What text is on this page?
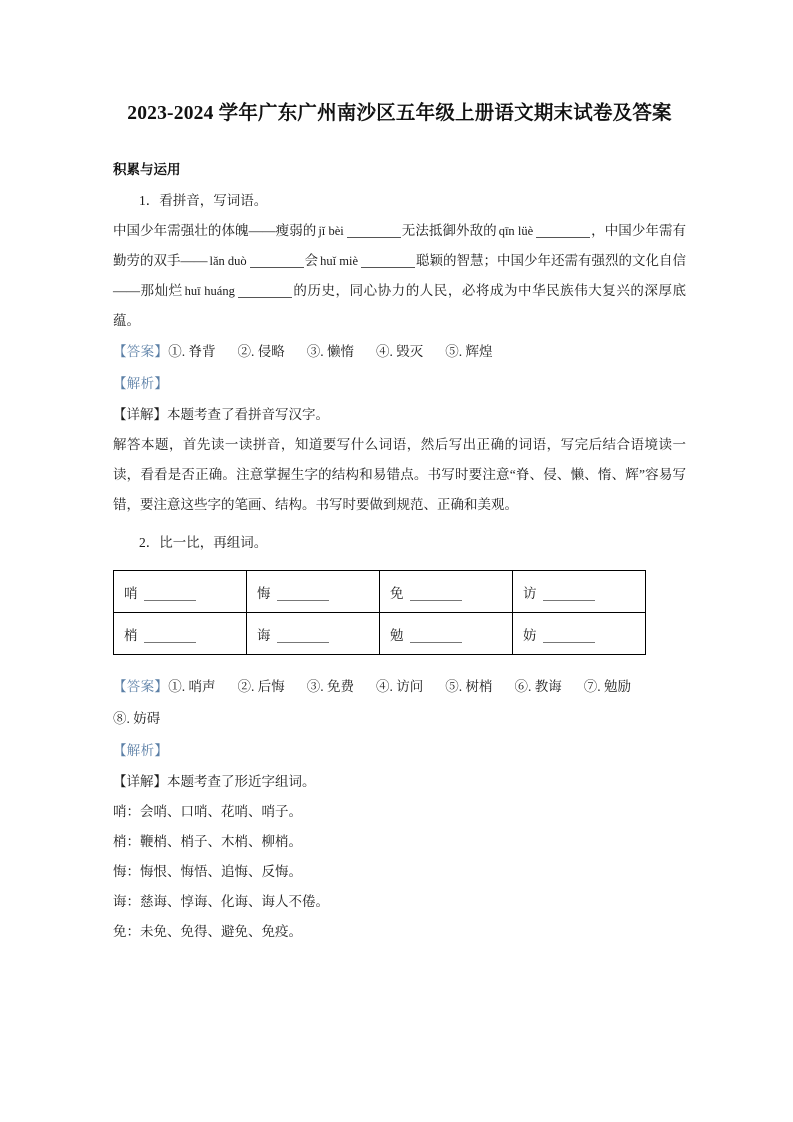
2023-2024 学年广东广州南沙区五年级上册语文期末试卷及答案
积累与运用

1．看拼音，写词语。

中国少年需强壮的体魄——瘦弱的 jǐ bèi	无法抵御外敌的 qīn lüè	，中国少年需有勤劳的双手—— lǎn duò	会 huǐ miè	聪颖的智慧；中国少年还需有强烈的文化自信——那灿烂 huī huáng	的历史，同心协力的人民，必将成为中华民族伟大复兴的深厚底蕴。

【答案】①. 脊背 ②. 侵略 ③. 懒惰 ④. 毁灭 ⑤. 辉煌

【解析】

【详解】本题考查了看拼音写汉字。

解答本题，首先读一读拼音，知道要写什么词语，然后写出正确的词语，写完后结合语境读一读，看看是否正确。注意掌握生字的结构和易错点。书写时要注意“脊、侵、懒、惰、辉”容易写错，要注意这些字的笔画、结构。书写时要做到规范、正确和美观。

2．比一比，再组词。

哨	悔	免	访
梢	诲	勉	妨

【答案】①. 哨声 ②. 后悔 ③. 免费 ④. 访问 ⑤. 树梢 ⑥. 教诲 ⑦. 勉励⑧. 妨碍

【解析】

【详解】本题考查了形近字组词。

哨：会哨、口哨、花哨、哨子。

梢：鞭梢、梢子、木梢、柳梢。

悔：悔恨、悔悟、追悔、反悔。

诲：慈诲、惇诲、化诲、诲人不倦。

免：未免、免得、避免、免疫。
